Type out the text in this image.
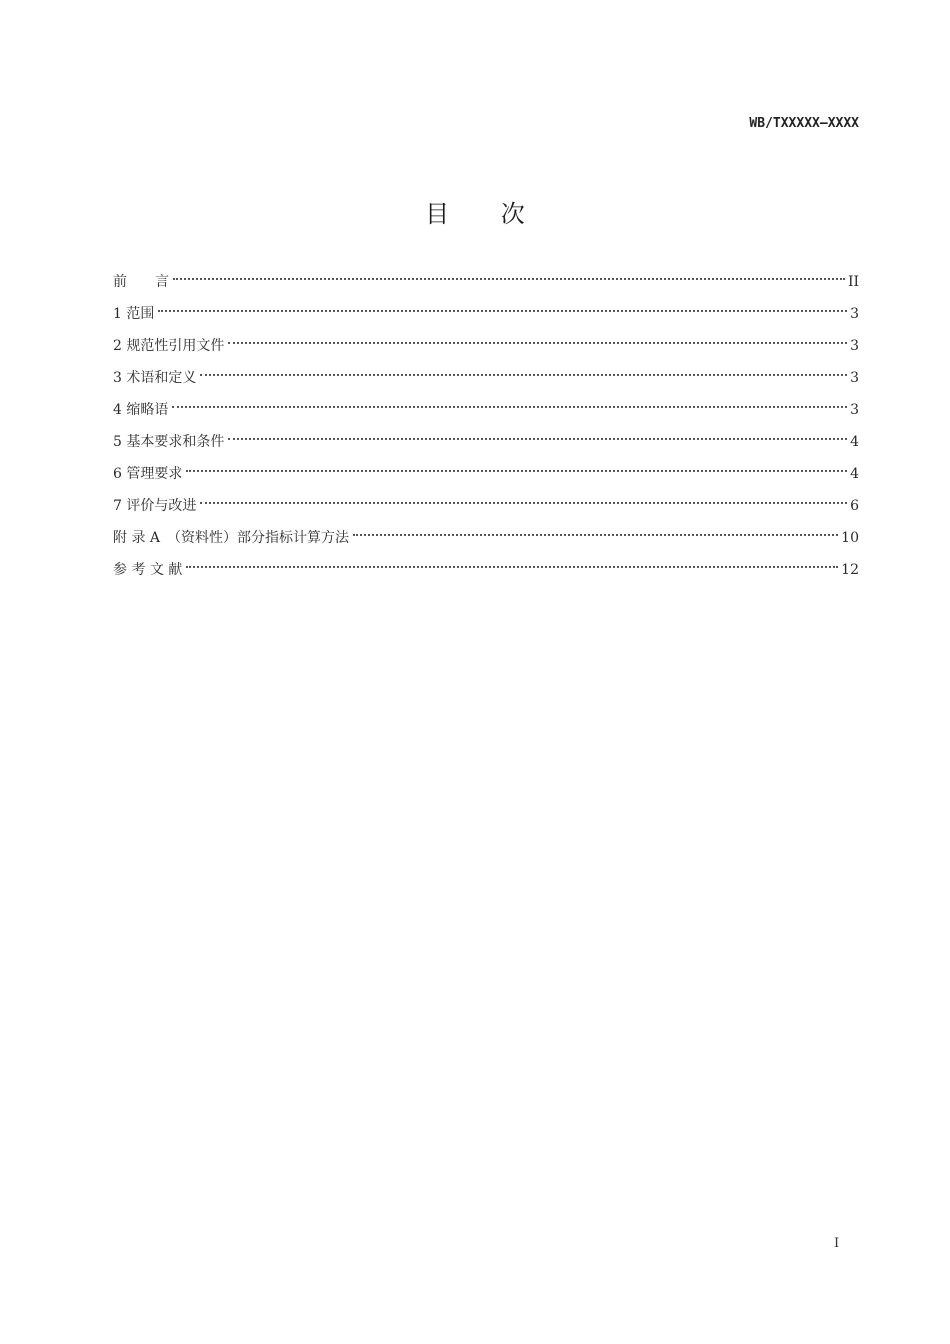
WB/TXXXXX—XXXX
目 次
前　　言	II
1 范围	3
2 规范性引用文件	3
3 术语和定义	3
4 缩略语	3
5 基本要求和条件	4
6 管理要求	4
7 评价与改进	6
附 录 A　（资料性）部分指标计算方法	10
参 考 文 献	12
I
